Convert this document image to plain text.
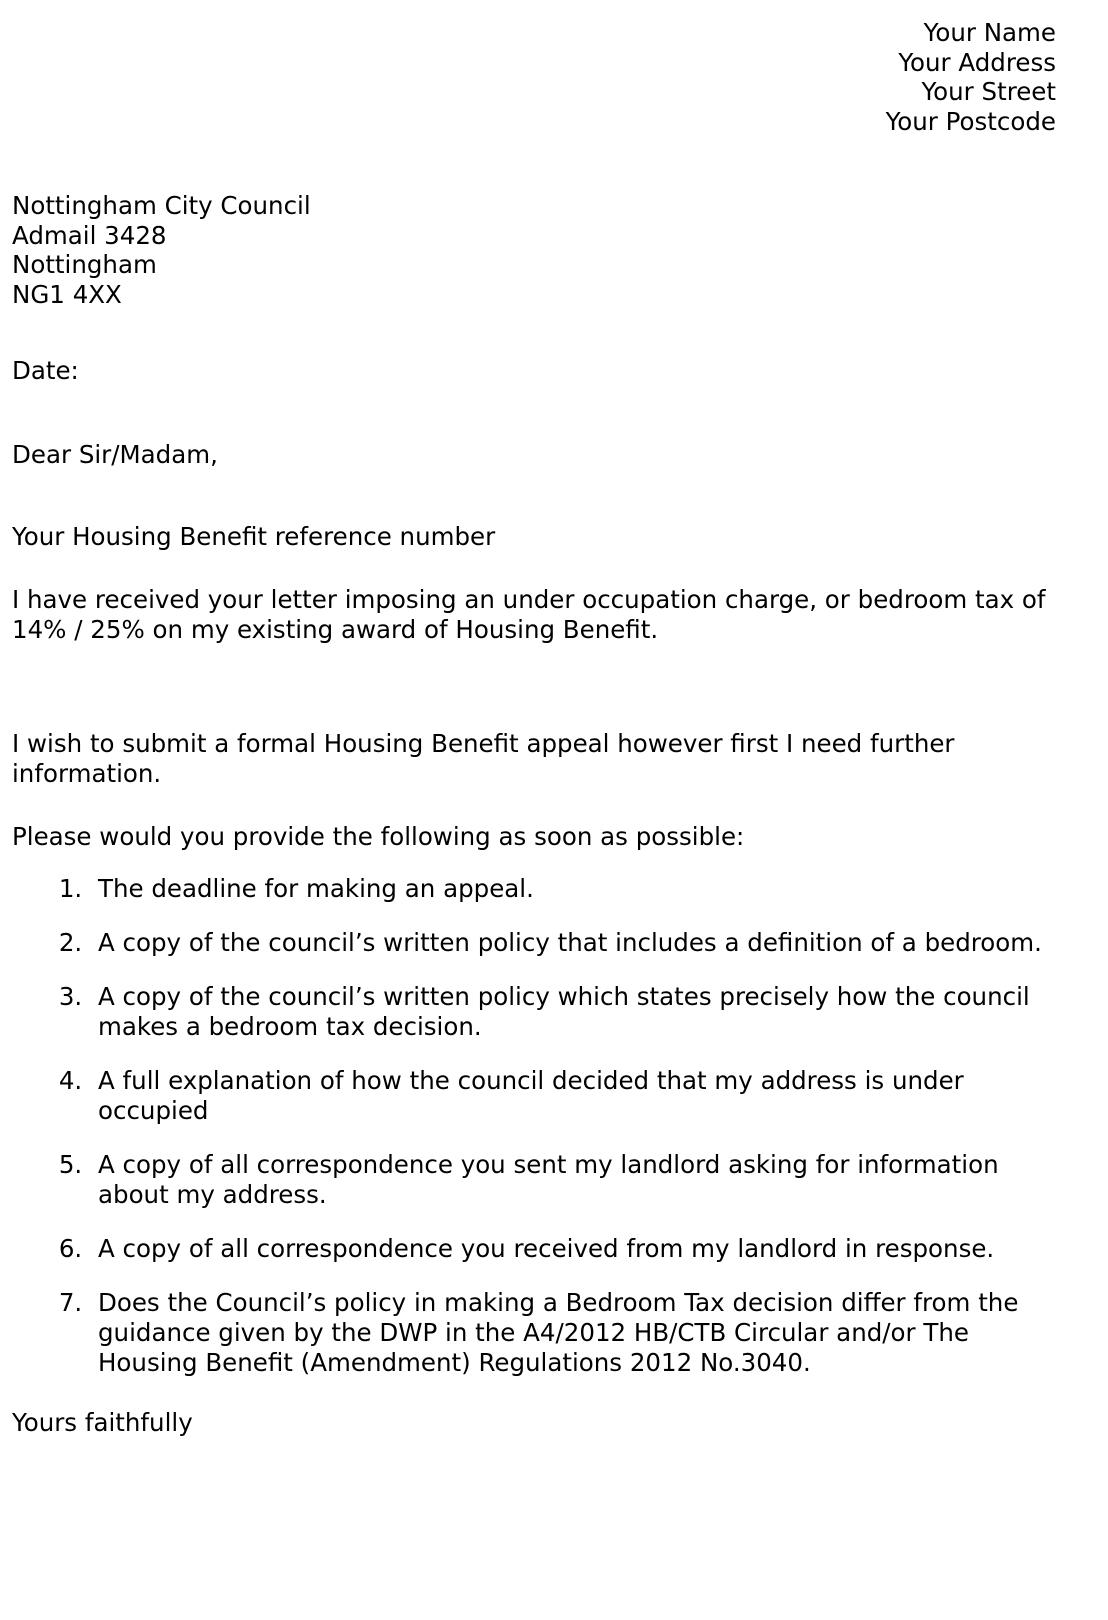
Your Name
Your Address
Your Street
Your Postcode
Nottingham City Council
Admail 3428
Nottingham
NG1 4XX
Date:
Dear Sir/Madam,
Your Housing Benefit reference number
I have received your letter imposing an under occupation charge, or bedroom tax of 14% / 25% on my existing award of Housing Benefit.
I wish to submit a formal Housing Benefit appeal however first I need further information.
Please would you provide the following as soon as possible:
1. The deadline for making an appeal.
2. A copy of the council’s written policy that includes a definition of a bedroom.
3. A copy of the council’s written policy which states precisely how the council makes a bedroom tax decision.
4. A full explanation of how the council decided that my address is under occupied
5. A copy of all correspondence you sent my landlord asking for information about my address.
6. A copy of all correspondence you received from my landlord in response.
7. Does the Council’s policy in making a Bedroom Tax decision differ from the guidance given by the DWP in the A4/2012 HB/CTB Circular and/or The Housing Benefit (Amendment) Regulations 2012 No.3040.
Yours faithfully
